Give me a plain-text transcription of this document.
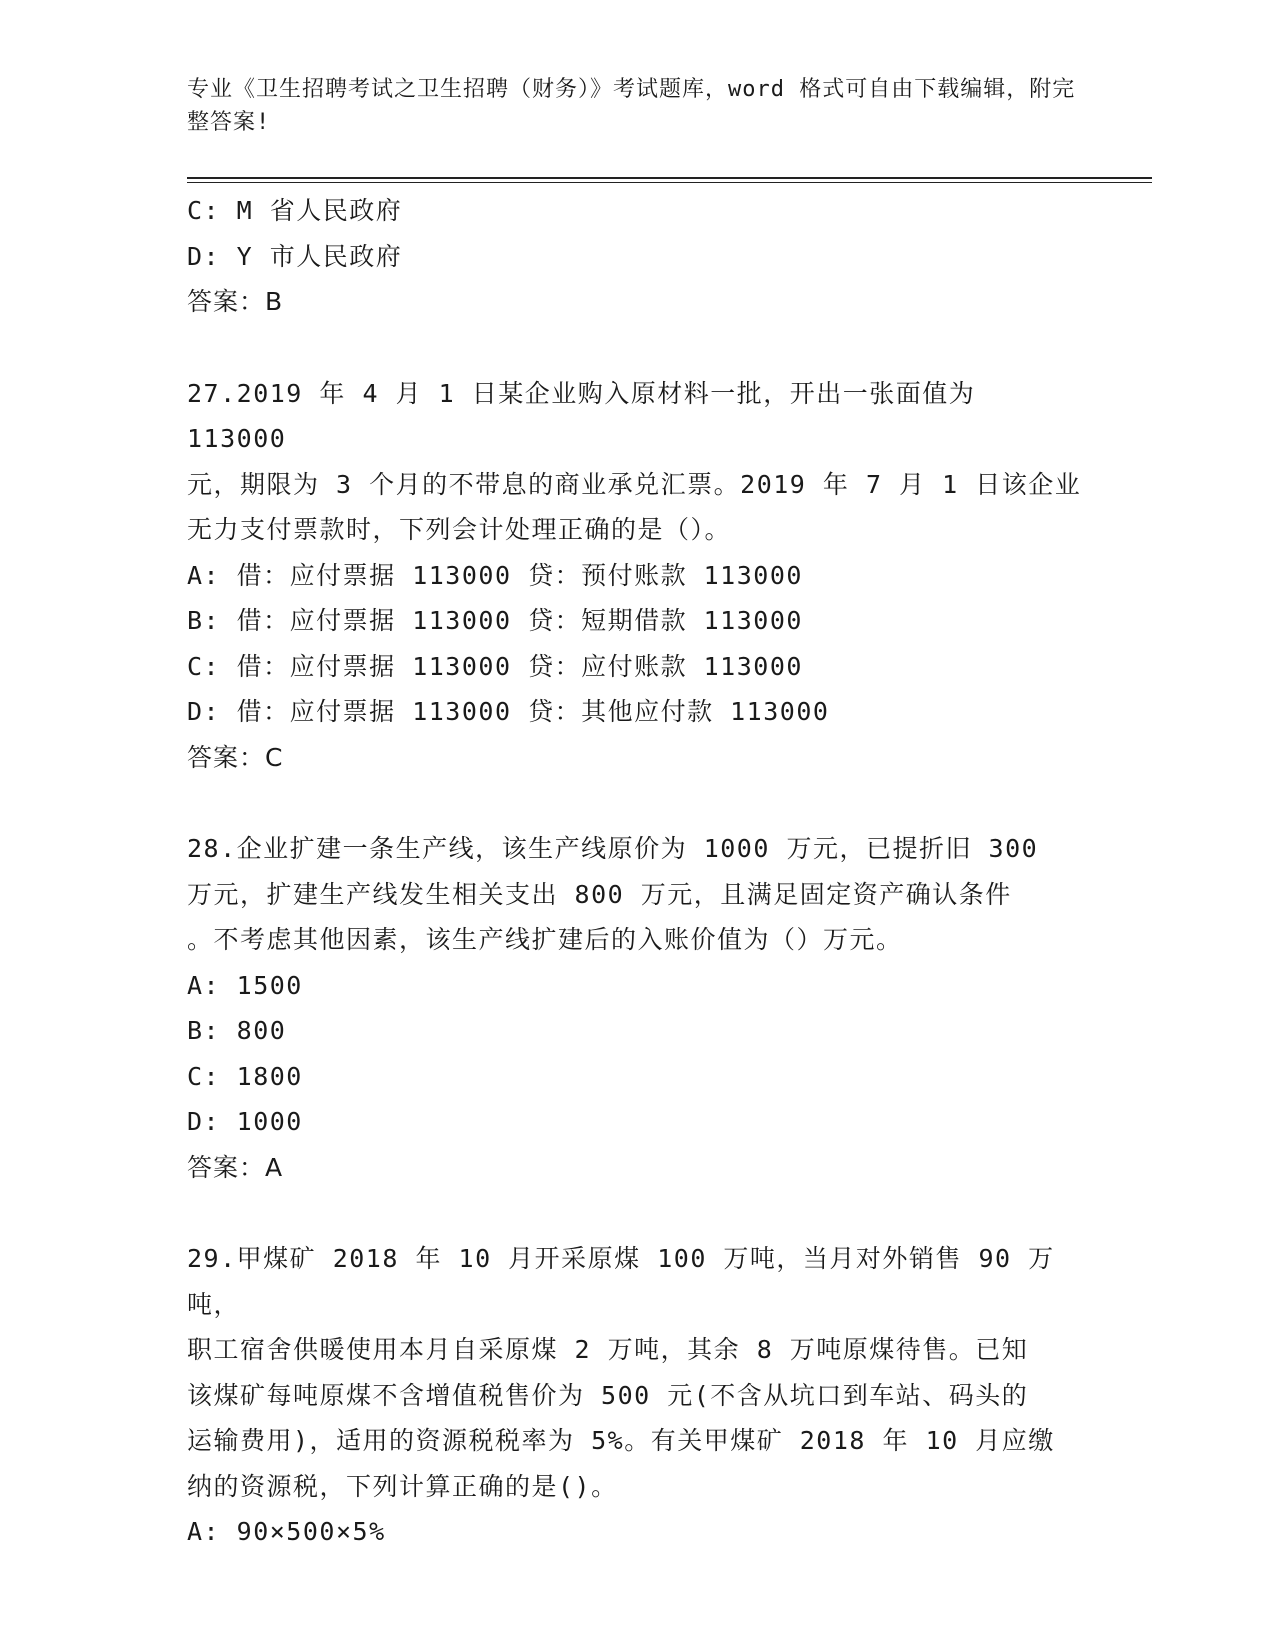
专业《卫生招聘考试之卫生招聘（财务）》考试题库，word 格式可自由下载编辑，附完整答案!
C: M 省人民政府
D: Y 市人民政府
答案：B
27.2019 年 4 月 1 日某企业购入原材料一批，开出一张面值为 113000
元，期限为 3 个月的不带息的商业承兑汇票。2019 年 7 月 1 日该企业
无力支付票款时，下列会计处理正确的是（）。
A: 借：应付票据 113000 贷：预付账款 113000
B: 借：应付票据 113000 贷：短期借款 113000
C: 借：应付票据 113000 贷：应付账款 113000
D: 借：应付票据 113000 贷：其他应付款 113000
答案：C
28.企业扩建一条生产线，该生产线原价为 1000 万元，已提折旧 300
万元，扩建生产线发生相关支出 800 万元，且满足固定资产确认条件
。不考虑其他因素，该生产线扩建后的入账价值为（）万元。
A: 1500
B: 800
C: 1800
D: 1000
答案：A
29.甲煤矿 2018 年 10 月开采原煤 100 万吨，当月对外销售 90 万吨，
职工宿舍供暖使用本月自采原煤 2 万吨，其余 8 万吨原煤待售。已知
该煤矿每吨原煤不含增值税售价为 500 元(不含从坑口到车站、码头的
运输费用)，适用的资源税税率为 5%。有关甲煤矿 2018 年 10 月应缴
纳的资源税，下列计算正确的是()。
A: 90×500×5%
